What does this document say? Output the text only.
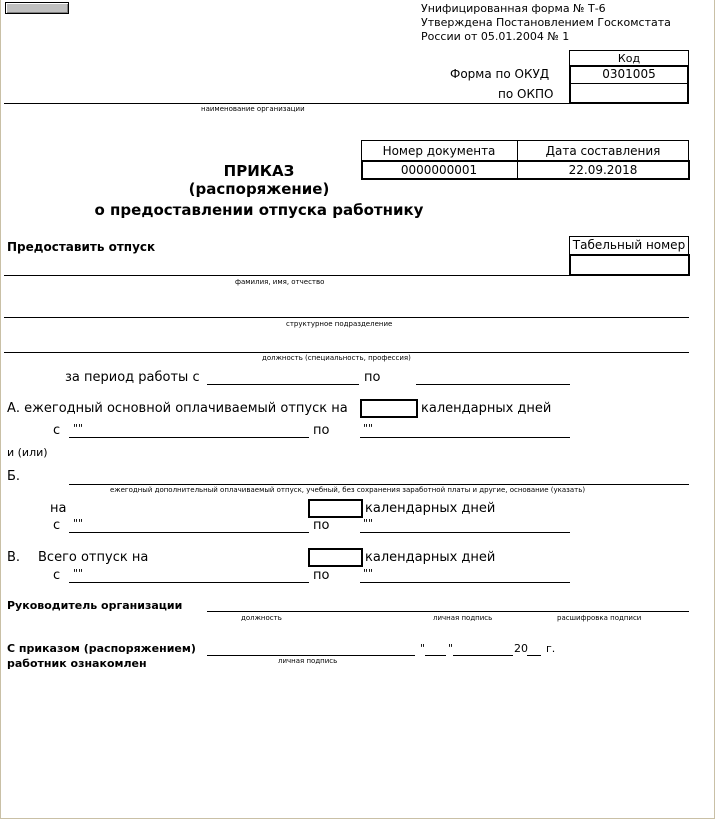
Унифицированная форма № Т-6
Утверждена Постановлением Госкомстата
России от 05.01.2004 № 1
Код
0301005
Форма по ОКУД
по ОКПО
наименование организации
Номер документа	Дата составления
0000000001	22.09.2018
ПРИКАЗ
(распоряжение)
о предоставлении отпуска работнику
Предоставить отпуск	Табельный номер
фамилия, имя, отчество
структурное подразделение
должность (специальность, профессия)
за период работы с	по
А. ежегодный основной оплачиваемый отпуск на	календарных дней
с ""	по	""
и (или)
Б.
ежегодный дополнительный оплачиваемый отпуск, учебный, без сохранения заработной платы и другие, основание (указать)
на	календарных дней
с ""	по	""
В. Всего отпуск на	календарных дней
с ""	по	""
Руководитель организации
должность	личная подпись	расшифровка подписи
С приказом (распоряжением)
работник ознакомлен	личная подпись
" "	20 г.
